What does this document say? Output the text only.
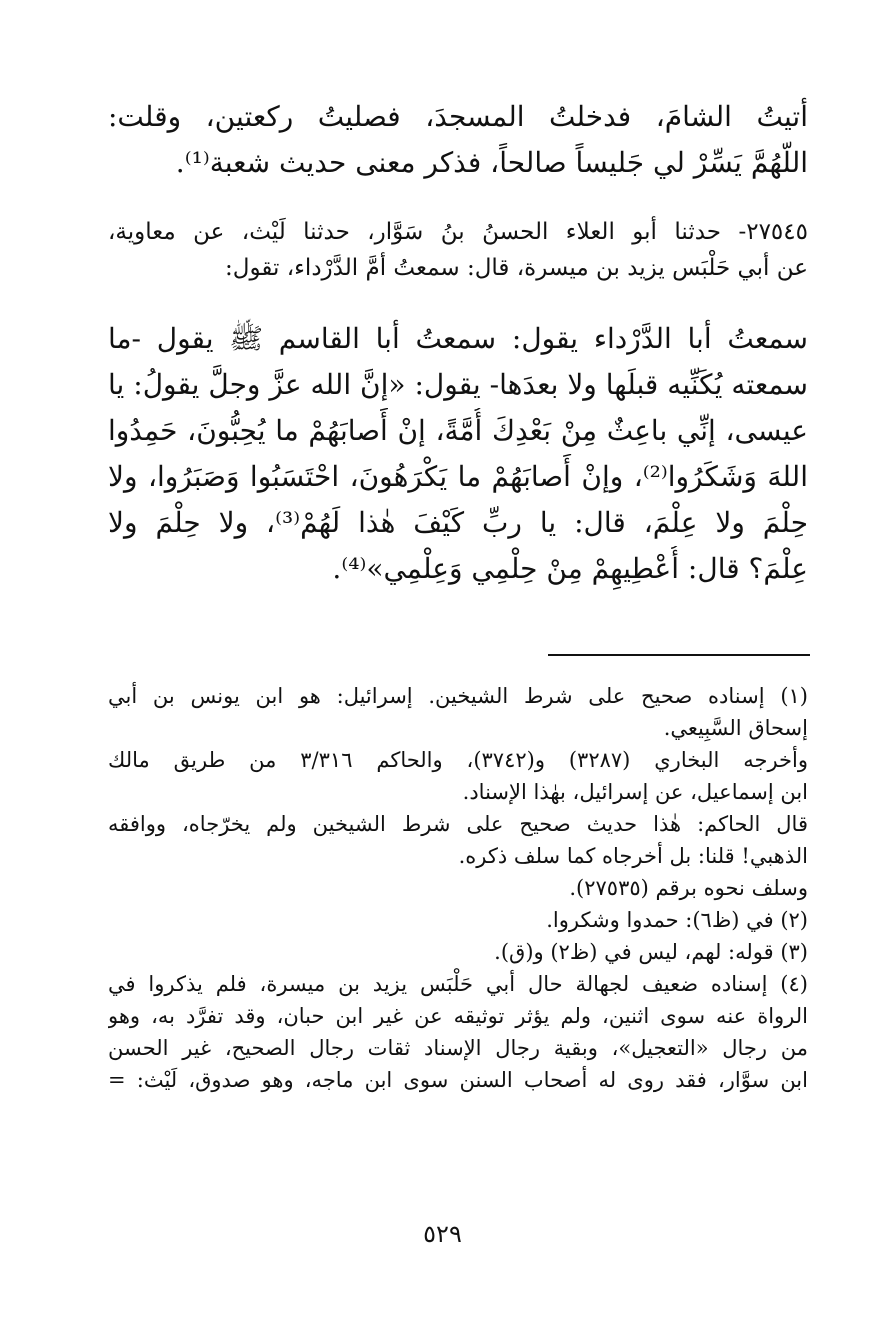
أتيتُ الشامَ، فدخلتُ المسجدَ، فصليتُ ركعتين، وقلت:
اللّهُمَّ يَسِّرْ لي جَليساً صالحاً، فذكر معنى حديث شعبة⁽¹⁾.
٢٧٥٤٥- حدثنا أبو العلاء الحسنُ بنُ سَوَّار، حدثنا لَيْث، عن معاوية،
عن أبي حَلْبَس يزيد بن ميسرة، قال: سمعتُ أمَّ الدَّرْداء، تقول:
سمعتُ أبا الدَّرْداء يقول: سمعتُ أبا القاسم ﷺ يقول -ما
سمعته يُكَنِّيه قبلَها ولا بعدَها- يقول: «إنَّ الله عزَّ وجلَّ يقولُ: يا
عيسى، إنِّي باعِثٌ مِنْ بَعْدِكَ أُمَّةً، إنْ أَصابَهُمْ ما يُحِبُّونَ، حَمِدُوا
اللهَ وَشَكَرُوا⁽²⁾، وإنْ أَصابَهُمْ ما يَكْرَهُونَ، احْتَسَبُوا وَصَبَرُوا، ولا
حِلْمَ ولا عِلْمَ، قال: يا ربِّ كَيْفَ هٰذا لَهُمْ⁽³⁾، ولا حِلْمَ ولا
عِلْمَ؟ قال: أُعْطِيهِمْ مِنْ حِلْمِي وَعِلْمِي»⁽⁴⁾.
(١) إسناده صحيح على شرط الشيخين. إسرائيل: هو ابن يونس بن أبي
إسحاق السَّبِيعي.
وأخرجه البخاري (٣٢٨٧) و(٣٧٤٢)، والحاكم ٣/٣١٦ من طريق مالك
ابن إسماعيل، عن إسرائيل، بهٰذا الإسناد.
قال الحاكم: هٰذا حديث صحيح على شرط الشيخين ولم يخرّجاه، ووافقه
الذهبي! قلنا: بل أخرجاه كما سلف ذكره.
وسلف نحوه برقم (٢٧٥٣٥).
(٢) في (ظ٦): حمدوا وشكروا.
(٣) قوله: لهم، ليس في (ظ٢) و(ق).
(٤) إسناده ضعيف لجهالة حال أبي حَلْبَس يزيد بن ميسرة، فلم يذكروا في
الرواة عنه سوى اثنين، ولم يؤثر توثيقه عن غير ابن حبان، وقد تفرَّد به، وهو
من رجال «التعجيل»، وبقية رجال الإسناد ثقات رجال الصحيح، غير الحسن
ابن سوَّار، فقد روى له أصحاب السنن سوى ابن ماجه، وهو صدوق، لَيْث: =
٥٢٩
